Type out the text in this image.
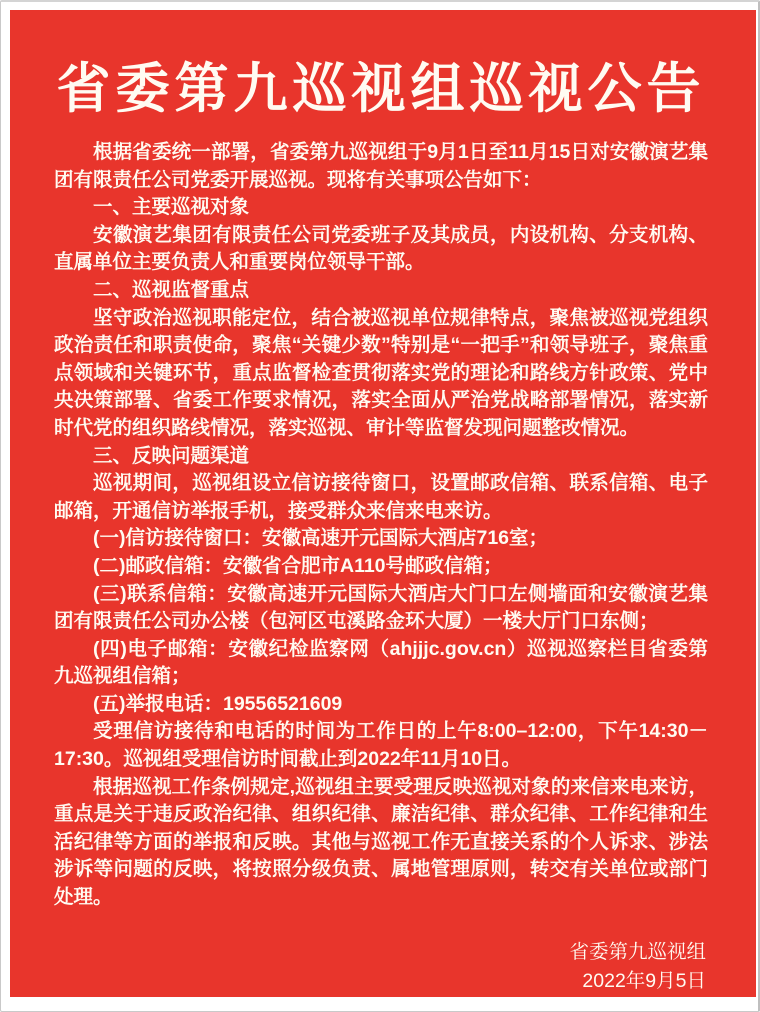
省委第九巡视组巡视公告

根据省委统一部署，省委第九巡视组于9月1日至11月15日对安徽演艺集团有限责任公司党委开展巡视。现将有关事项公告如下：

一、主要巡视对象

安徽演艺集团有限责任公司党委班子及其成员，内设机构、分支机构、直属单位主要负责人和重要岗位领导干部。

二、巡视监督重点

坚守政治巡视职能定位，结合被巡视单位规律特点，聚焦被巡视党组织政治责任和职责使命，聚焦“关键少数”特别是“一把手”和领导班子，聚焦重点领域和关键环节，重点监督检查贯彻落实党的理论和路线方针政策、党中央决策部署、省委工作要求情况，落实全面从严治党战略部署情况，落实新时代党的组织路线情况，落实巡视、审计等监督发现问题整改情况。

三、反映问题渠道

巡视期间，巡视组设立信访接待窗口，设置邮政信箱、联系信箱、电子邮箱，开通信访举报手机，接受群众来信来电来访。

(一)信访接待窗口：安徽高速开元国际大酒店716室；

(二)邮政信箱：安徽省合肥市A110号邮政信箱；

(三)联系信箱：安徽高速开元国际大酒店大门口左侧墙面和安徽演艺集团有限责任公司办公楼（包河区屯溪路金环大厦）一楼大厅门口东侧；

(四)电子邮箱：安徽纪检监察网（ahjjjc.gov.cn）巡视巡察栏目省委第九巡视组信箱；

(五)举报电话：19556521609

受理信访接待和电话的时间为工作日的上午8:00–12:00，下午14:30－17:30。巡视组受理信访时间截止到2022年11月10日。

根据巡视工作条例规定,巡视组主要受理反映巡视对象的来信来电来访，重点是关于违反政治纪律、组织纪律、廉洁纪律、群众纪律、工作纪律和生活纪律等方面的举报和反映。其他与巡视工作无直接关系的个人诉求、涉法涉诉等问题的反映，将按照分级负责、属地管理原则，转交有关单位或部门处理。

省委第九巡视组

2022年9月5日
